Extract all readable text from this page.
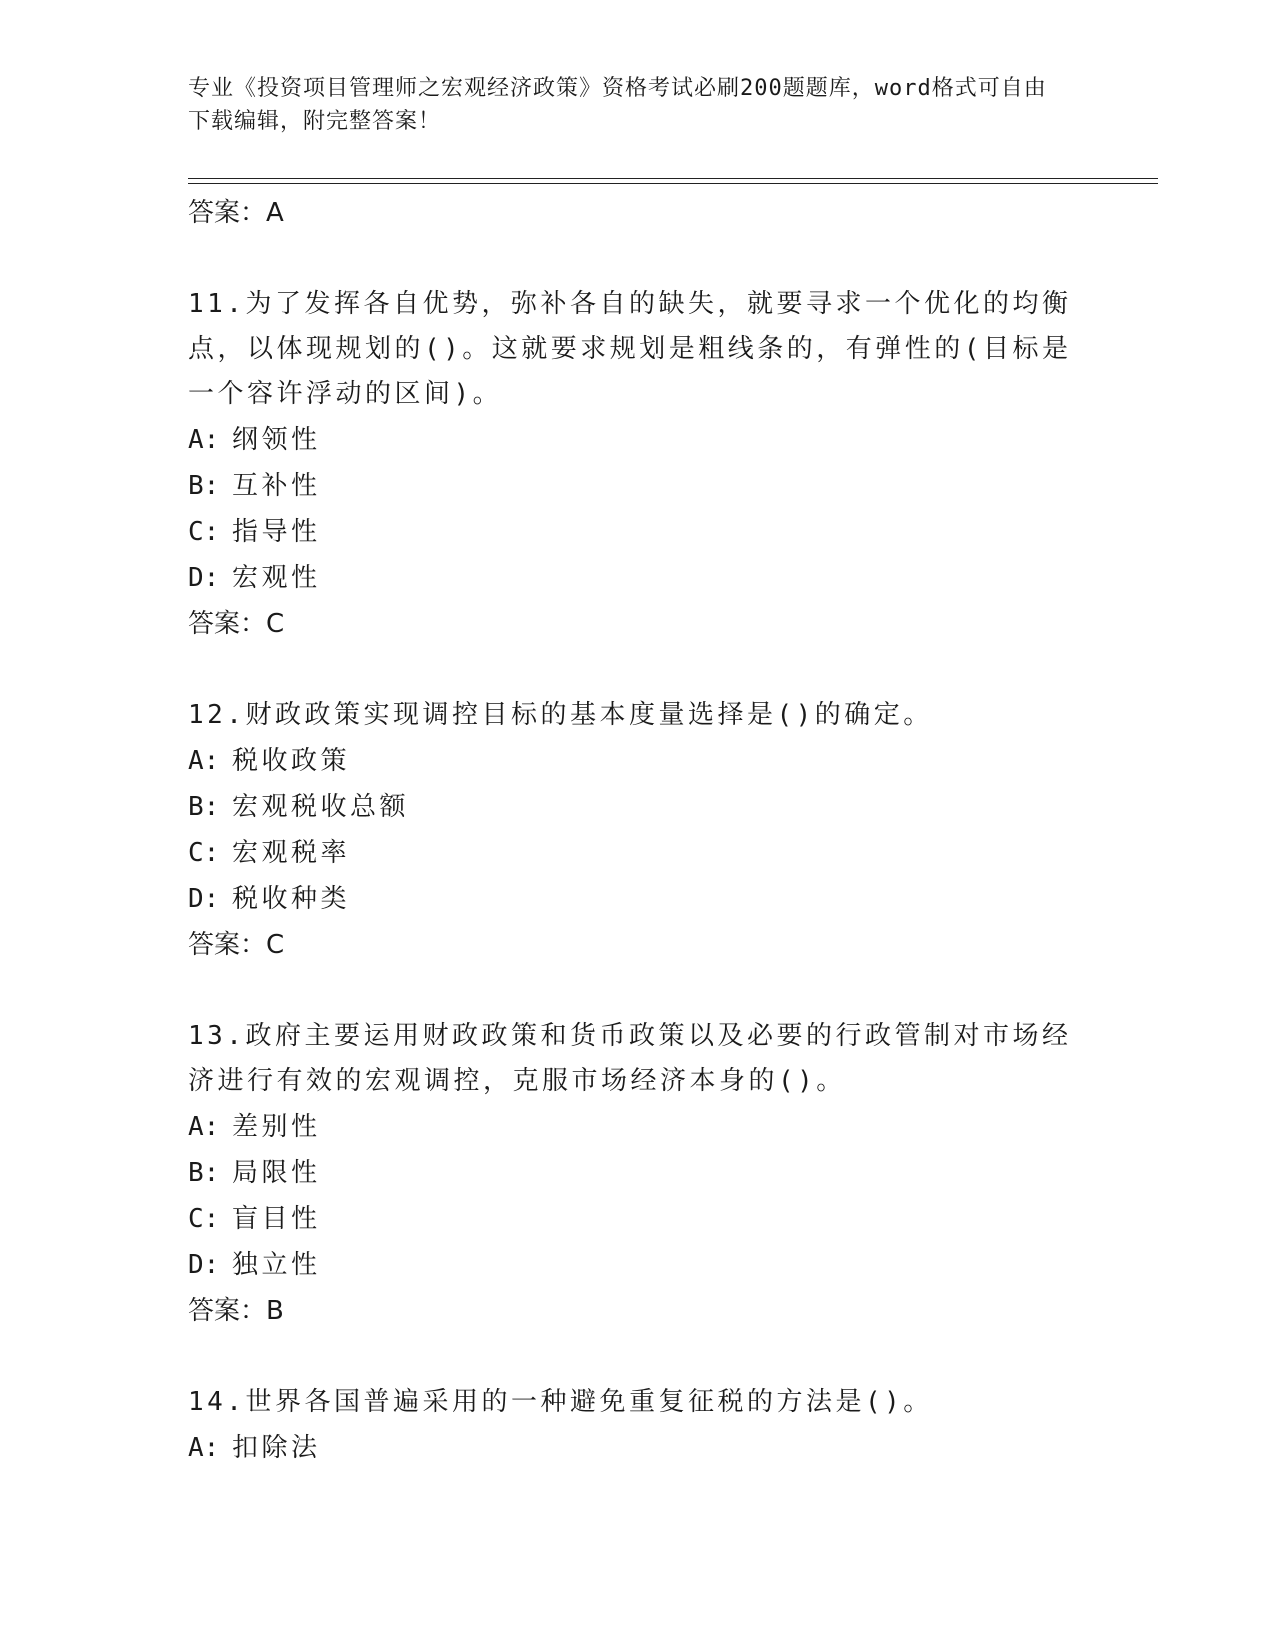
专业《投资项目管理师之宏观经济政策》资格考试必刷200题题库，word格式可自由下载编辑，附完整答案！

答案：A

11.为了发挥各自优势，弥补各自的缺失，就要寻求一个优化的均衡点，以体现规划的()。这就要求规划是粗线条的，有弹性的(目标是一个容许浮动的区间)。

A: 纲领性

B: 互补性

C: 指导性

D: 宏观性

答案：C

12.财政政策实现调控目标的基本度量选择是()的确定。

A: 税收政策

B: 宏观税收总额

C: 宏观税率

D: 税收种类

答案：C

13.政府主要运用财政政策和货币政策以及必要的行政管制对市场经济进行有效的宏观调控，克服市场经济本身的()。

A: 差别性

B: 局限性

C: 盲目性

D: 独立性

答案：B

14.世界各国普遍采用的一种避免重复征税的方法是()。

A: 扣除法
